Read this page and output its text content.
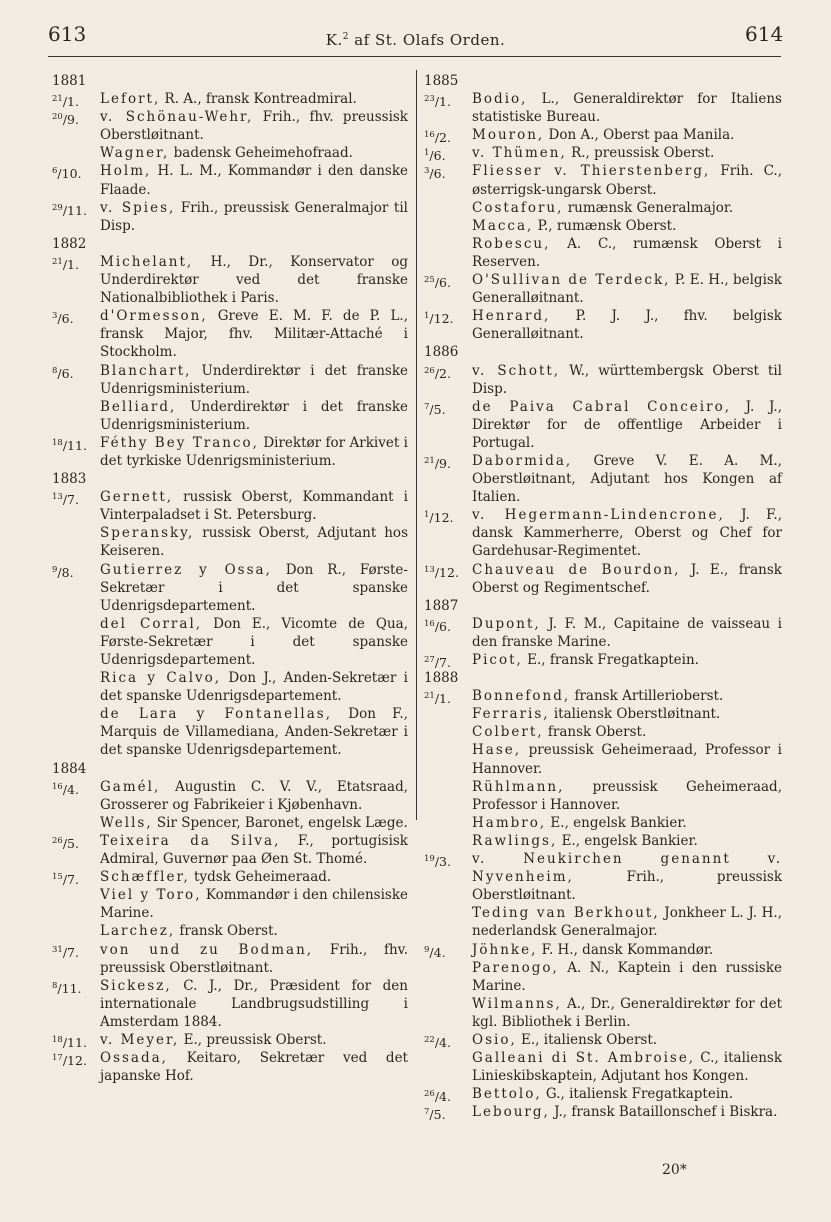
613	K.$^2$ af St. Olafs Orden.	614
1881
$^{21}$/1. Lefort, R. A., fransk Kontreadmiral.
$^{20}$/9. v. Schönau-Wehr, Frih., fhv. preussisk Oberstløitnant.
Wagner, badensk Geheimehofraad.
$^6$/10. Holm, H. L. M., Kommandør i den danske Flaade.
$^{29}$/11. v. Spies, Frih., preussisk Generalmajor til Disp.
1882
$^{21}$/1. Michelant, H., Dr., Konservator og Underdirektør ved det franske Nationalbibliothek i Paris.
$^3$/6. d'Ormesson, Greve E. M. F. de P. L., fransk Major, fhv. Militær-Attaché i Stockholm.
$^8$/6. Blanchart, Underdirektør i det franske Udenrigsministerium.
Belliard, Underdirektør i det franske Udenrigsministerium.
$^{18}$/11. Féthy Bey Tranco, Direktør for Arkivet i det tyrkiske Udenrigsministerium.
1883
$^{13}$/7. Gernett, russisk Oberst, Kommandant i Vinterpaladset i St. Petersburg.
Speransky, russisk Oberst, Adjutant hos Keiseren.
$^9$/8. Gutierrez y Ossa, Don R., Første-Sekretær i det spanske Udenrigsdepartement.
del Corral, Don E., Vicomte de Qua, Første-Sekretær i det spanske Udenrigsdepartement.
Rica y Calvo, Don J., Anden-Sekretær i det spanske Udenrigsdepartement.
de Lara y Fontanellas, Don F., Marquis de Villamediana, Anden-Sekretær i det spanske Udenrigsdepartement.
1884
$^{16}$/4. Gamél, Augustin C. V. V., Etatsraad, Grosserer og Fabrikeier i Kjøbenhavn.
Wells, Sir Spencer, Baronet, engelsk Læge.
$^{26}$/5. Teixeira da Silva, F., portugisisk Admiral, Guvernør paa Øen St. Thomé.
$^{15}$/7. Schæffler, tydsk Geheimeraad.
Viel y Toro, Kommandør i den chilensiske Marine.
Larchez, fransk Oberst.
$^{31}$/7. von und zu Bodman, Frih., fhv. preussisk Oberstløitnant.
$^8$/11. Sickesz, C. J., Dr., Præsident for den internationale Landbrugsudstilling i Amsterdam 1884.
$^{18}$/11. v. Meyer, E., preussisk Oberst.
$^{17}$/12. Ossada, Keitaro, Sekretær ved det japanske Hof.
1885
$^{23}$/1. Bodio, L., Generaldirektør for Italiens statistiske Bureau.
$^{16}$/2. Mouron, Don A., Oberst paa Manila.
$^1$/6. v. Thümen, R., preussisk Oberst.
$^3$/6. Fliesser v. Thierstenberg, Frih. C., østerrigsk-ungarsk Oberst.
Costaforu, rumænsk Generalmajor.
Macca, P., rumænsk Oberst.
Robescu, A. C., rumænsk Oberst i Reserven.
$^{25}$/6. O'Sullivan de Terdeck, P. E. H., belgisk Generalløitnant.
$^1$/12. Henrard, P. J. J., fhv. belgisk Generalløitnant.
1886
$^{26}$/2. v. Schott, W., württembergsk Oberst til Disp.
$^7$/5. de Paiva Cabral Conceiro, J. J., Direktør for de offentlige Arbeider i Portugal.
$^{21}$/9. Dabormida, Greve V. E. A. M., Oberstløitnant, Adjutant hos Kongen af Italien.
$^1$/12. v. Hegermann-Lindencrone, J. F., dansk Kammerherre, Oberst og Chef for Gardehusar-Regimentet.
$^{13}$/12. Chauveau de Bourdon, J. E., fransk Oberst og Regimentschef.
1887
$^{16}$/6. Dupont, J. F. M., Capitaine de vaisseau i den franske Marine.
$^{27}$/7. Picot, E., fransk Fregatkaptein.
1888
$^{21}$/1. Bonnefond, fransk Artillerioberst.
Ferraris, italiensk Oberstløitnant.
Colbert, fransk Oberst.
Hase, preussisk Geheimeraad, Professor i Hannover.
Rühlmann, preussisk Geheimeraad, Professor i Hannover.
Hambro, E., engelsk Bankier.
Rawlings, E., engelsk Bankier.
$^{19}$/3. v. Neukirchen genannt v. Nyvenheim, Frih., preussisk Oberstløitnant.
Teding van Berkhout, Jonkheer L. J. H., nederlandsk Generalmajor.
$^9$/4. Jöhnke, F. H., dansk Kommandør.
Parenogo, A. N., Kaptein i den russiske Marine.
Wilmanns, A., Dr., Generaldirektør for det kgl. Bibliothek i Berlin.
$^{22}$/4. Osio, E., italiensk Oberst.
Galleani di St. Ambroise, C., italiensk Linieskibskaptein, Adjutant hos Kongen.
$^{26}$/4. Bettolo, G., italiensk Fregatkaptein.
$^7$/5. Lebourg, J., fransk Bataillonschef i Biskra.
20*
